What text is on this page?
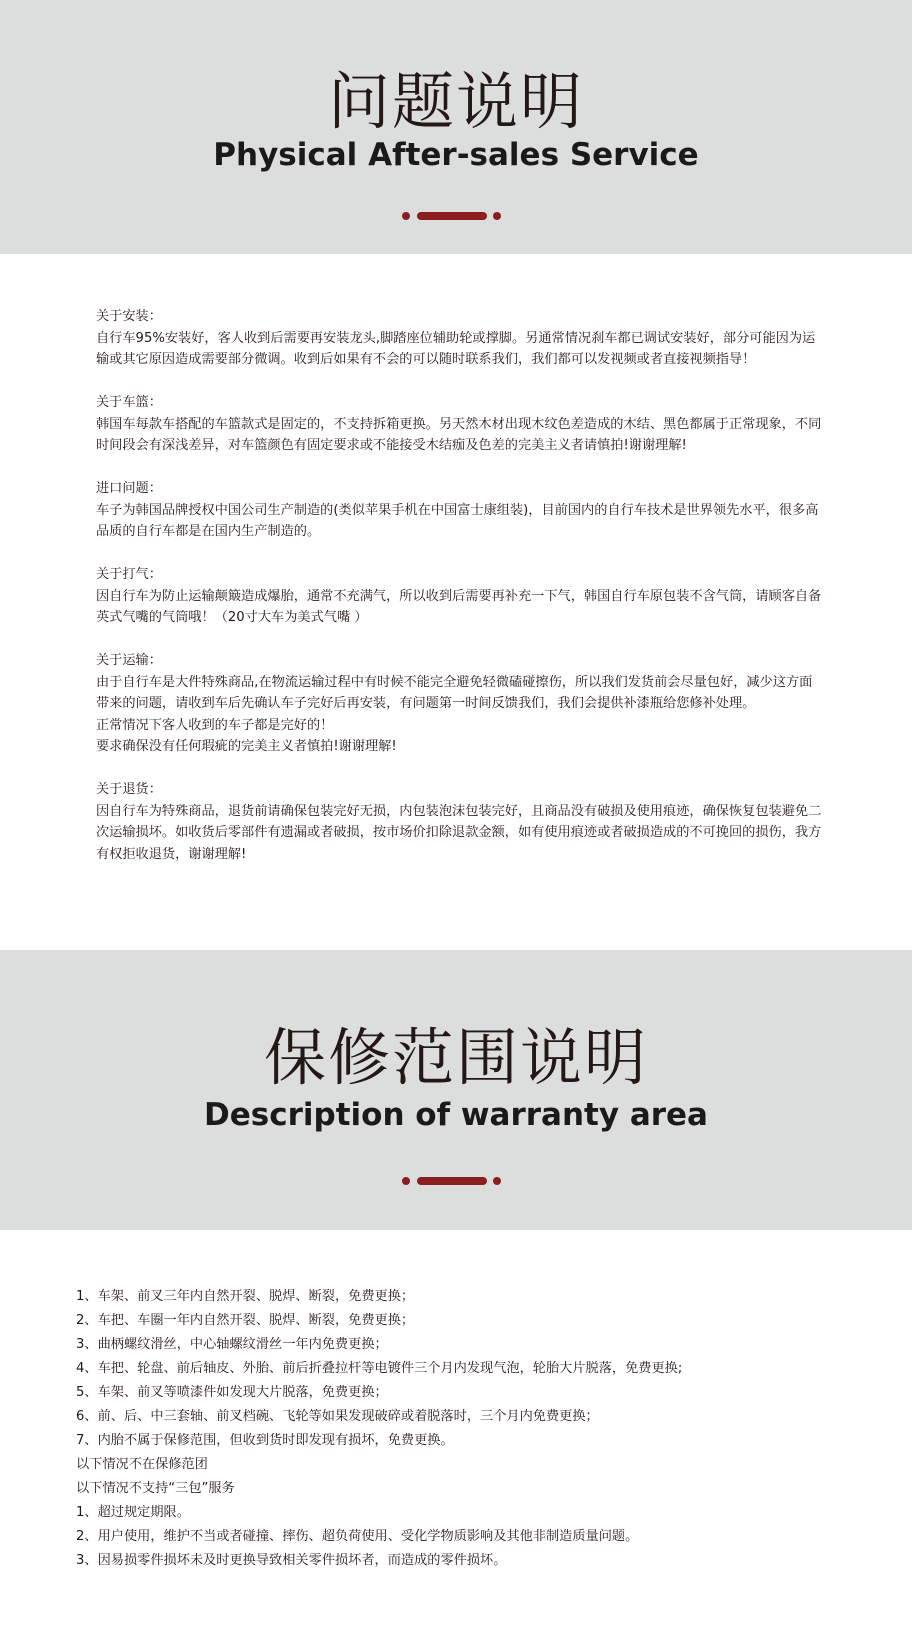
问题说明
Physical After-sales Service
关于安装：
自行车95%安装好，客人收到后需要再安装龙头,脚踏座位辅助轮或撑脚。另通常情况刹车都已调试安装好，部分可能因为运输或其它原因造成需要部分微调。收到后如果有不会的可以随时联系我们，我们都可以发视频或者直接视频指导！
关于车篮：
韩国车每款车搭配的车篮款式是固定的，不支持拆箱更换。另天然木材出现木纹色差造成的木结、黑色都属于正常现象，不同时间段会有深浅差异，对车篮颜色有固定要求或不能接受木结痂及色差的完美主义者请慎拍!谢谢理解!
进口问题：
车子为韩国品牌授权中国公司生产制造的(类似苹果手机在中国富士康组装)，目前国内的自行车技术是世界领先水平，很多高品质的自行车都是在国内生产制造的。
关于打气：
因自行车为防止运输颠簸造成爆胎，通常不充满气，所以收到后需要再补充一下气，韩国自行车原包装不含气筒，请顾客自备英式气嘴的气筒哦！（20寸大车为美式气嘴 ）
关于运输：
由于自行车是大件特殊商品,在物流运输过程中有时候不能完全避免轻微磕碰擦伤，所以我们发货前会尽量包好，减少这方面带来的问题，请收到车后先确认车子完好后再安装，有问题第一时间反馈我们，我们会提供补漆瓶给您修补处理。
正常情况下客人收到的车子都是完好的！
要求确保没有任何瑕疵的完美主义者慎拍!谢谢理解!
关于退货：
因自行车为特殊商品，退货前请确保包装完好无损，内包装泡沫包装完好，且商品没有破损及使用痕迹，确保恢复包装避免二次运输损坏。如收货后零部件有遗漏或者破损，按市场价扣除退款金额，如有使用痕迹或者破损造成的不可挽回的损伤，我方有权拒收退货，谢谢理解!
保修范围说明
Description of warranty area
1、车架、前叉三年内自然开裂、脱焊、断裂，免费更换；
2、车把、车圈一年内自然开裂、脱焊、断裂，免费更换；
3、曲柄螺纹滑丝，中心轴螺纹滑丝一年内免费更换；
4、车把、轮盘、前后轴皮、外胎、前后折叠拉杆等电镀件三个月内发现气泡，轮胎大片脱落，免费更换;
5、车架、前叉等喷漆件如发现大片脱落，免费更换；
6、前、后、中三套轴、前叉档碗、飞轮等如果发现破碎或着脱落时，三个月内免费更换；
7、内胎不属于保修范围，但收到货时即发现有损坏，免费更换。
以下情况不在保修范团
以下情况不支持“三包”服务
1、超过规定期限。
2、用户使用，维护不当或者碰撞、摔伤、超负荷使用、受化学物质影响及其他非制造质量问题。
3、因易损零件损坏未及时更换导致相关零件损坏者，而造成的零件损坏。
